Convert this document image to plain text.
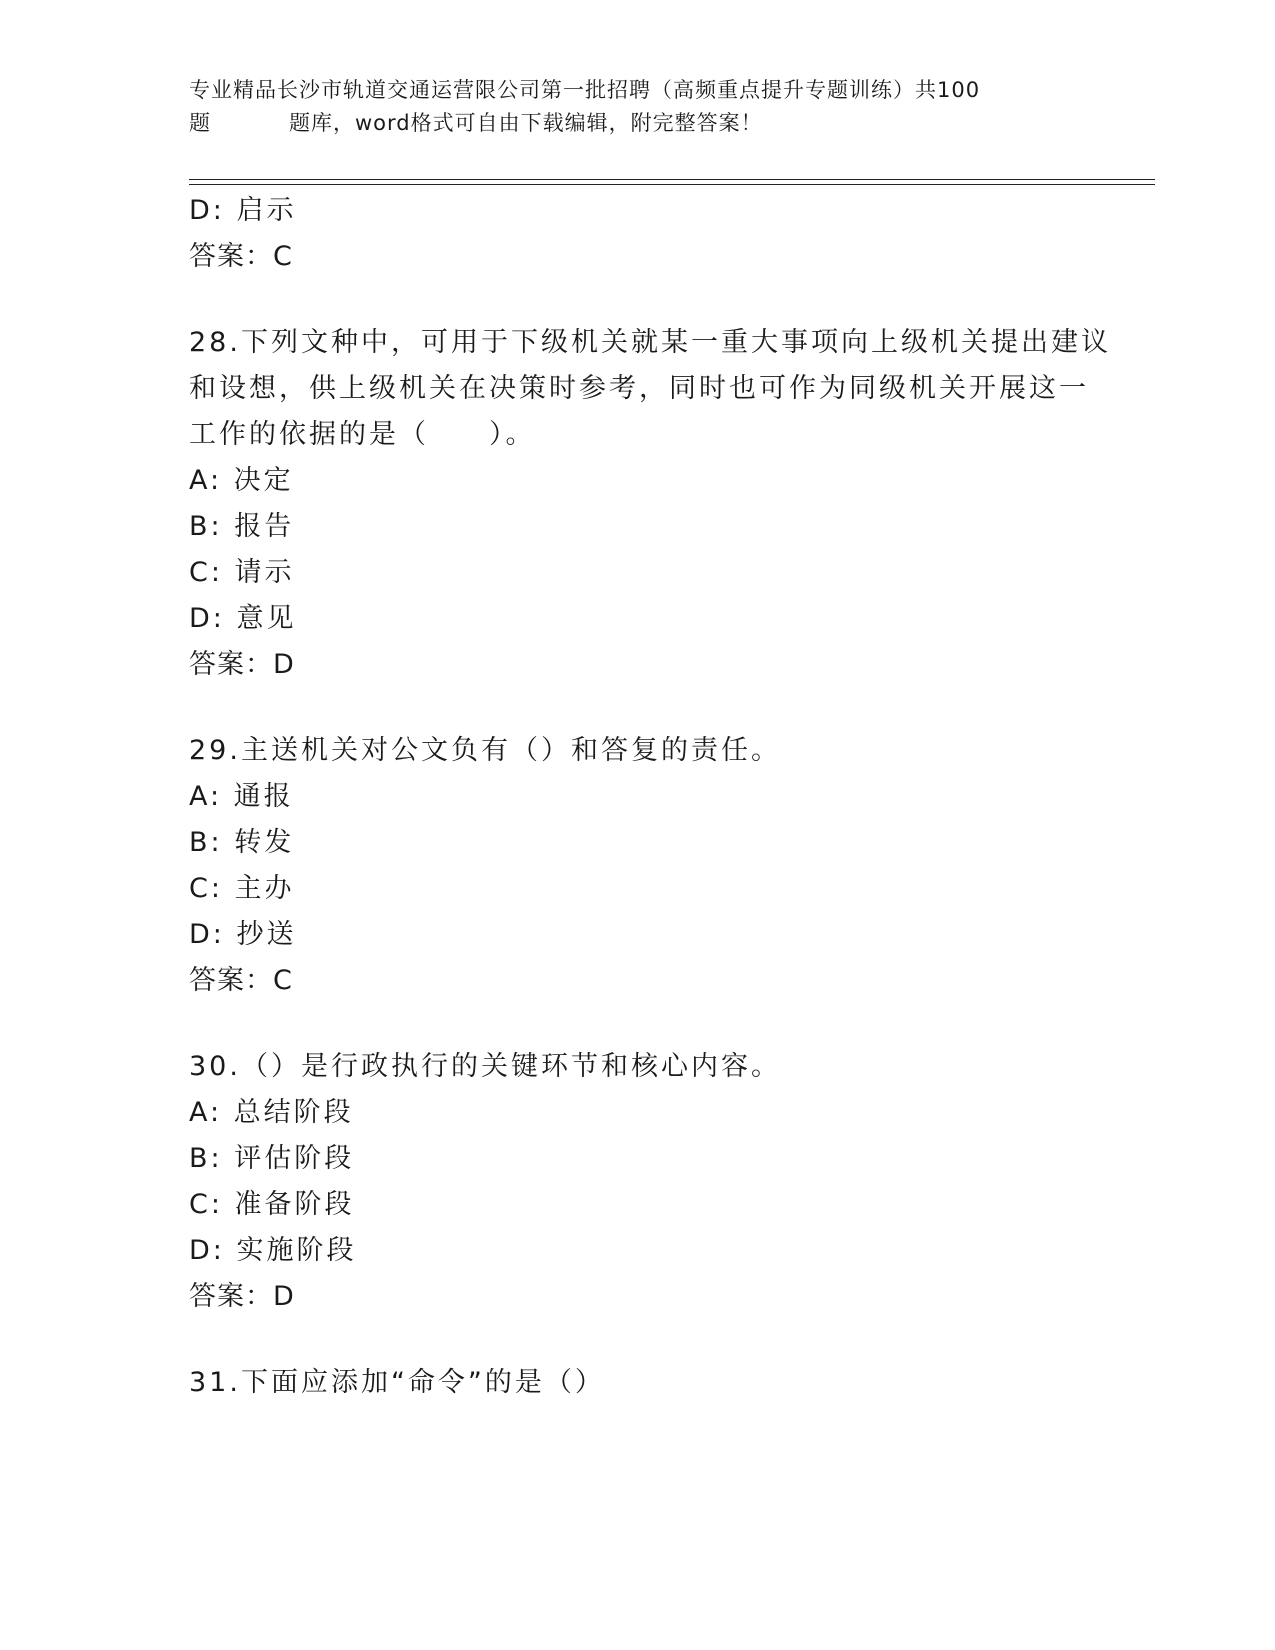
专业精品长沙市轨道交通运营限公司第一批招聘（高频重点提升专题训练）共100
题	题库，word格式可自由下载编辑，附完整答案！
D: 启示
答案：C
28.下列文种中，可用于下级机关就某一重大事项向上级机关提出建议
和设想，供上级机关在决策时参考，同时也可作为同级机关开展这一
工作的依据的是（　　）。
A: 决定
B: 报告
C: 请示
D: 意见
答案：D
29.主送机关对公文负有（）和答复的责任。
A: 通报
B: 转发
C: 主办
D: 抄送
答案：C
30.（）是行政执行的关键环节和核心内容。
A: 总结阶段
B: 评估阶段
C: 准备阶段
D: 实施阶段
答案：D
31.下面应添加“命令”的是（）
